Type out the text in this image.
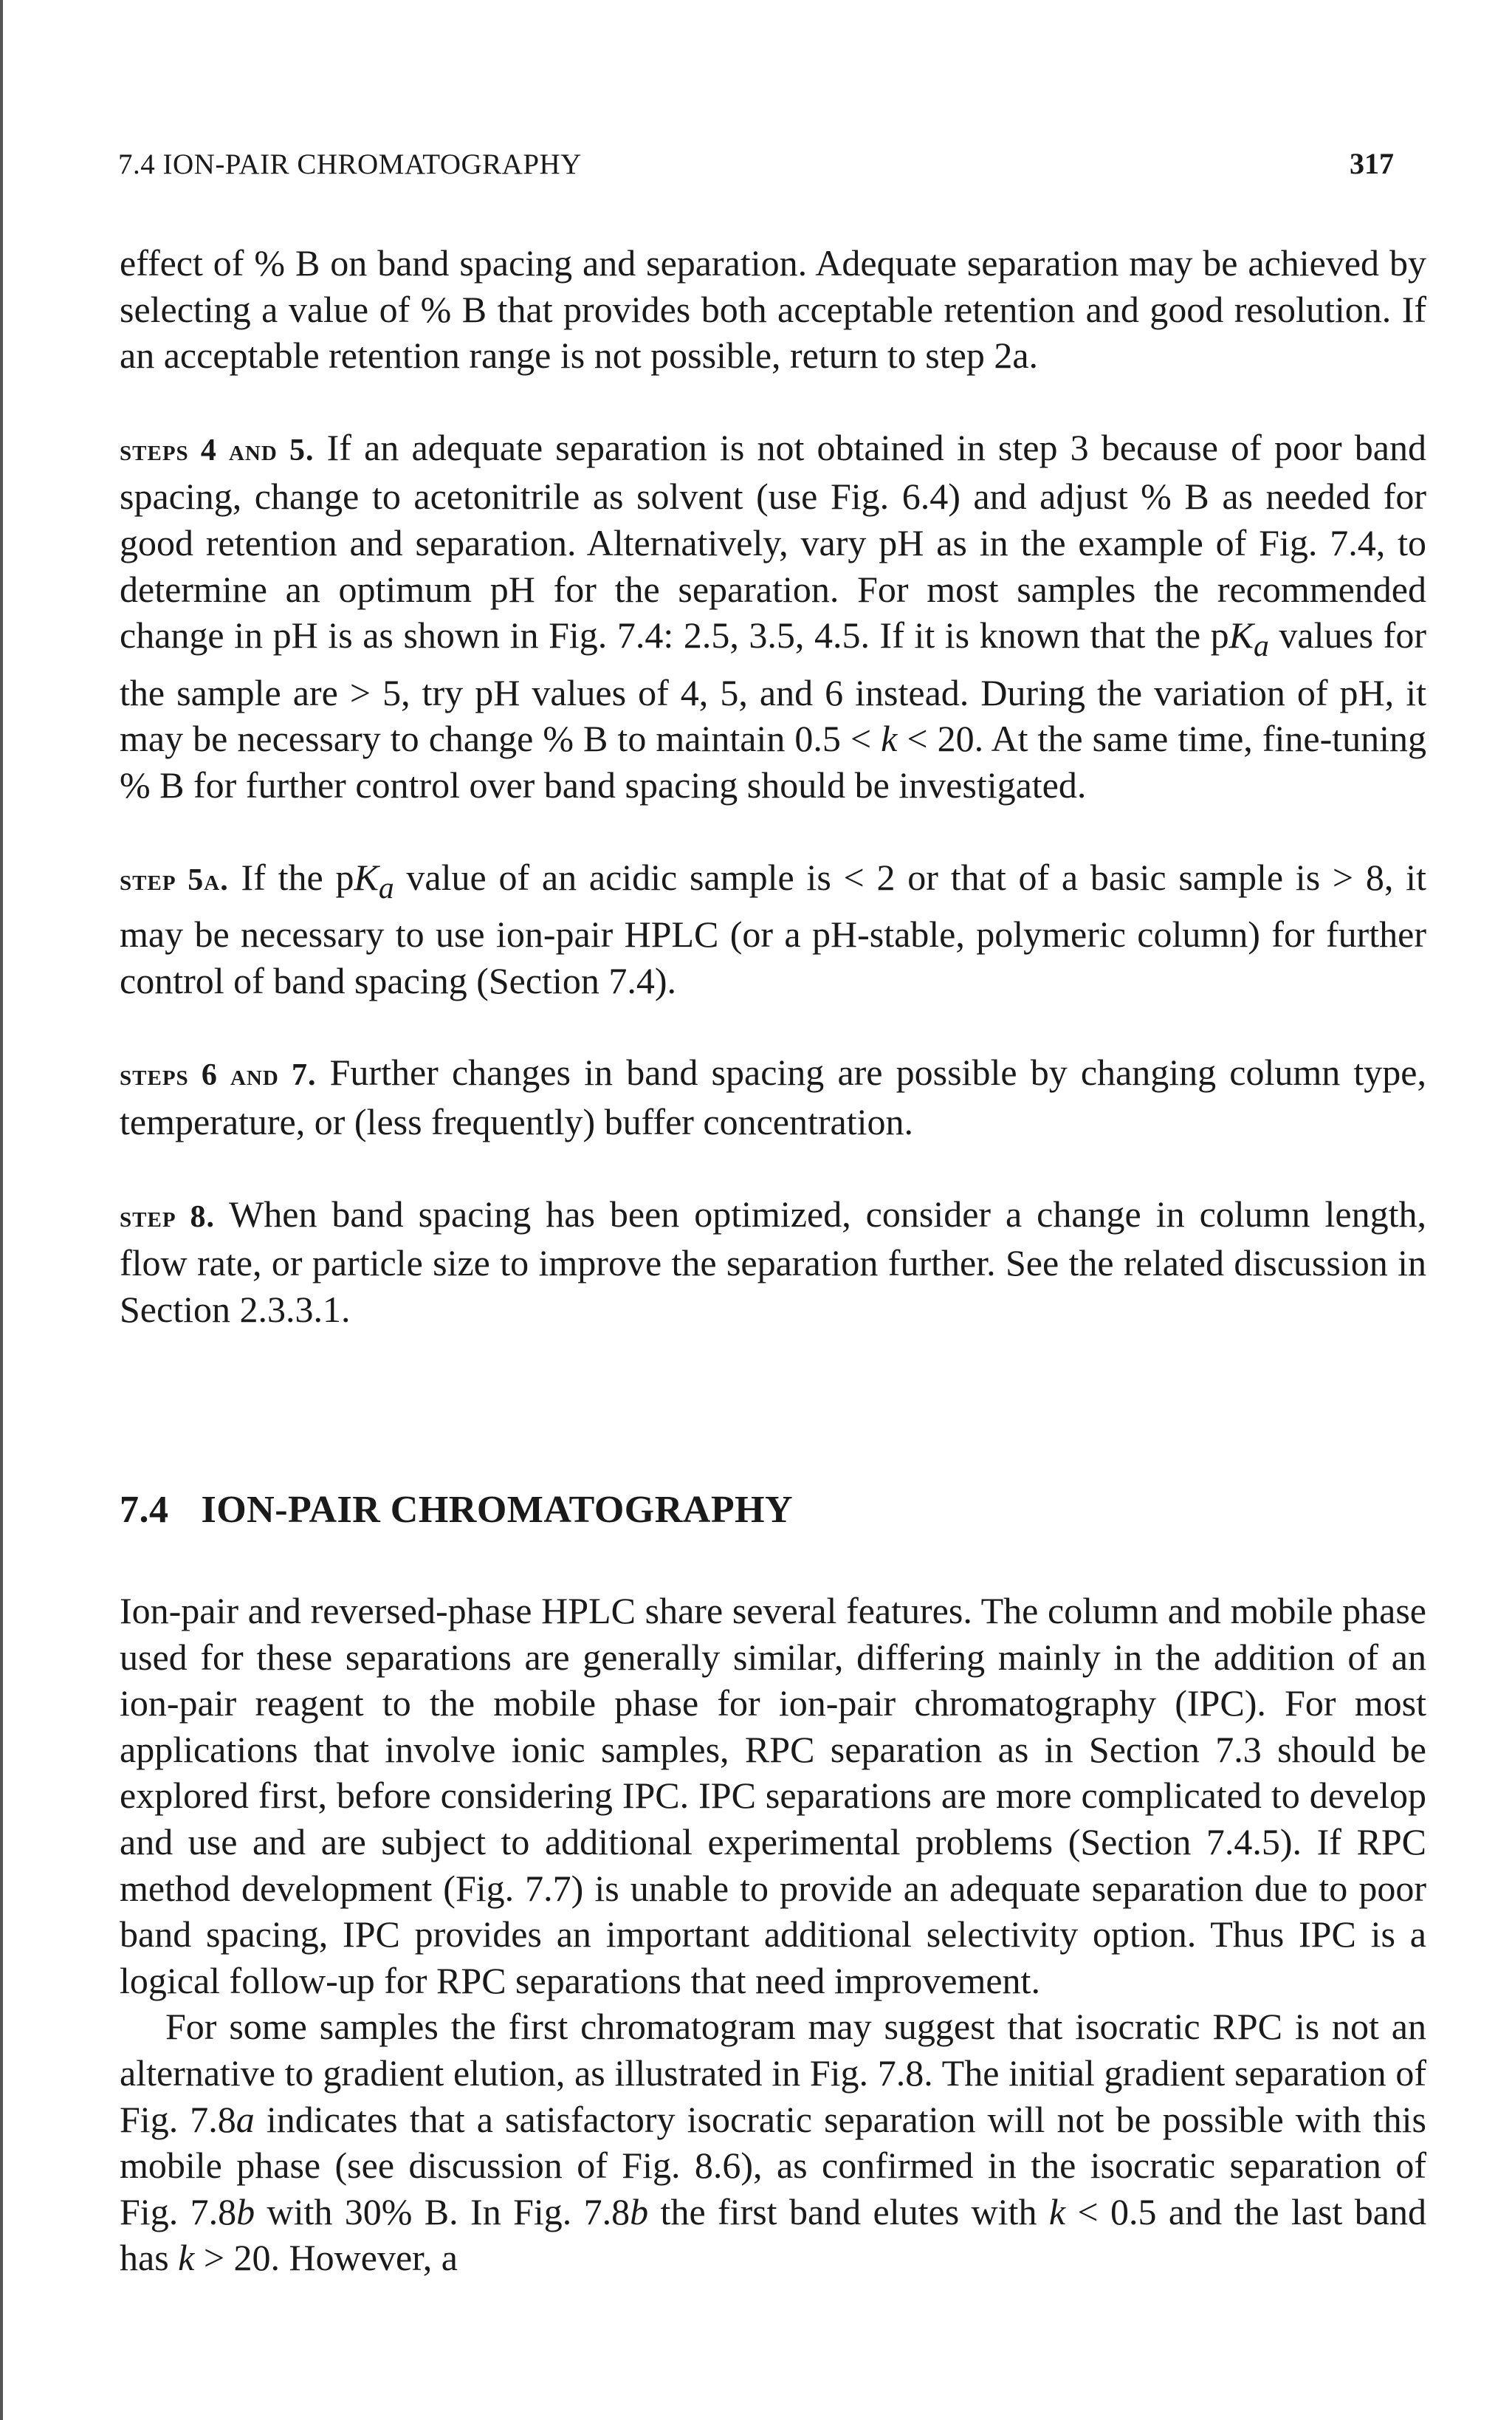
7.4 ION-PAIR CHROMATOGRAPHY	317

effect of % B on band spacing and separation. Adequate separation may be achieved by selecting a value of % B that provides both acceptable retention and good resolution. If an acceptable retention range is not possible, return to step 2a.

steps 4 and 5. If an adequate separation is not obtained in step 3 because of poor band spacing, change to acetonitrile as solvent (use Fig. 6.4) and adjust % B as needed for good retention and separation. Alternatively, vary pH as in the example of Fig. 7.4, to determine an optimum pH for the separation. For most samples the recommended change in pH is as shown in Fig. 7.4: 2.5, 3.5, 4.5. If it is known that the $pK_a$ values for the sample are > 5, try pH values of 4, 5, and 6 instead. During the variation of pH, it may be necessary to change % B to maintain 0.5 < k < 20. At the same time, fine-tuning % B for further control over band spacing should be investigated.

step 5a. If the $pK_a$ value of an acidic sample is < 2 or that of a basic sample is > 8, it may be necessary to use ion-pair HPLC (or a pH-stable, polymeric column) for further control of band spacing (Section 7.4).

steps 6 and 7. Further changes in band spacing are possible by changing column type, temperature, or (less frequently) buffer concentration.

step 8. When band spacing has been optimized, consider a change in column length, flow rate, or particle size to improve the separation further. See the related discussion in Section 2.3.3.1.

7.4 ION-PAIR CHROMATOGRAPHY

Ion-pair and reversed-phase HPLC share several features. The column and mobile phase used for these separations are generally similar, differing mainly in the addition of an ion-pair reagent to the mobile phase for ion-pair chromatography (IPC). For most applications that involve ionic samples, RPC separation as in Section 7.3 should be explored first, before considering IPC. IPC separations are more complicated to develop and use and are subject to additional experimental problems (Section 7.4.5). If RPC method development (Fig. 7.7) is unable to provide an adequate separation due to poor band spacing, IPC provides an important additional selectivity option. Thus IPC is a logical follow-up for RPC separations that need improvement.

For some samples the first chromatogram may suggest that isocratic RPC is not an alternative to gradient elution, as illustrated in Fig. 7.8. The initial gradient separation of Fig. 7.8a indicates that a satisfactory isocratic separation will not be possible with this mobile phase (see discussion of Fig. 8.6), as confirmed in the isocratic separation of Fig. 7.8b with 30% B. In Fig. 7.8b the first band elutes with k < 0.5 and the last band has k > 20. However, a
